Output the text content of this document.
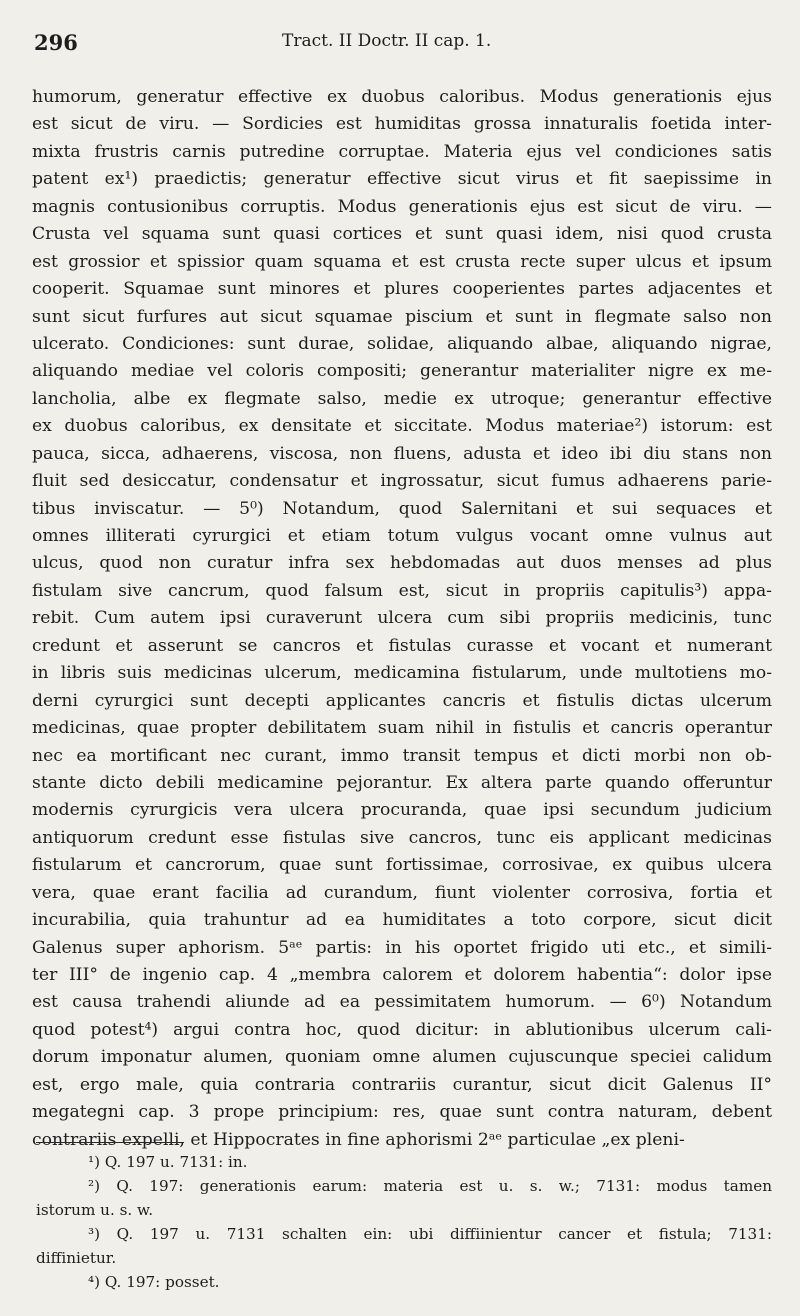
296	Tract. II Doctr. II cap. 1.
humorum, generatur effective ex duobus caloribus. Modus generationis ejus
est sicut de viru. — Sordicies est humiditas grossa innaturalis foetida inter-
mixta frustris carnis putredine corruptae. Materia ejus vel condiciones satis
patent ex¹) praedictis; generatur effective sicut virus et fit saepissime in
magnis contusionibus corruptis. Modus generationis ejus est sicut de viru. —
Crusta vel squama sunt quasi cortices et sunt quasi idem, nisi quod crusta
est grossior et spissior quam squama et est crusta recte super ulcus et ipsum
cooperit. Squamae sunt minores et plures cooperientes partes adjacentes et
sunt sicut furfures aut sicut squamae piscium et sunt in flegmate salso non
ulcerato. Condiciones: sunt durae, solidae, aliquando albae, aliquando nigrae,
aliquando mediae vel coloris compositi; generantur materialiter nigre ex me-
lancholia, albe ex flegmate salso, medie ex utroque; generantur effective
ex duobus caloribus, ex densitate et siccitate. Modus materiae²) istorum: est
pauca, sicca, adhaerens, viscosa, non fluens, adusta et ideo ibi diu stans non
fluit sed desiccatur, condensatur et ingrossatur, sicut fumus adhaerens parie-
tibus inviscatur. — 5⁰) Notandum, quod Salernitani et sui sequaces et
omnes illiterati cyrurgici et etiam totum vulgus vocant omne vulnus aut
ulcus, quod non curatur infra sex hebdomadas aut duos menses ad plus
fistulam sive cancrum, quod falsum est, sicut in propriis capitulis³) appa-
rebit. Cum autem ipsi curaverunt ulcera cum sibi propriis medicinis, tunc
credunt et asserunt se cancros et fistulas curasse et vocant et numerant
in libris suis medicinas ulcerum, medicamina fistularum, unde multotiens mo-
derni cyrurgici sunt decepti applicantes cancris et fistulis dictas ulcerum
medicinas, quae propter debilitatem suam nihil in fistulis et cancris operantur
nec ea mortificant nec curant, immo transit tempus et dicti morbi non ob-
stante dicto debili medicamine pejorantur. Ex altera parte quando offeruntur
modernis cyrurgicis vera ulcera procuranda, quae ipsi secundum judicium
antiquorum credunt esse fistulas sive cancros, tunc eis applicant medicinas
fistularum et cancrorum, quae sunt fortissimae, corrosivae, ex quibus ulcera
vera, quae erant facilia ad curandum, fiunt violenter corrosiva, fortia et
incurabilia, quia trahuntur ad ea humiditates a toto corpore, sicut dicit
Galenus super aphorism. 5ᵃᵉ partis: in his oportet frigido uti etc., et simili-
ter III° de ingenio cap. 4 „membra calorem et dolorem habentia“: dolor ipse
est causa trahendi aliunde ad ea pessimitatem humorum. — 6⁰) Notandum
quod potest⁴) argui contra hoc, quod dicitur: in ablutionibus ulcerum cali-
dorum imponatur alumen, quoniam omne alumen cujuscunque speciei calidum
est, ergo male, quia contraria contrariis curantur, sicut dicit Galenus II°
megategni cap. 3 prope principium: res, quae sunt contra naturam, debent
contrariis expelli, et Hippocrates in fine aphorismi 2ᵃᵉ particulae „ex pleni-
¹) Q. 197 u. 7131: in.
²) Q. 197: generationis earum: materia est u. s. w.; 7131: modus tamen
istorum u. s. w.
³) Q. 197 u. 7131 schalten ein: ubi diffiinientur cancer et fistula; 7131:
diffinietur.
⁴) Q. 197: posset.
